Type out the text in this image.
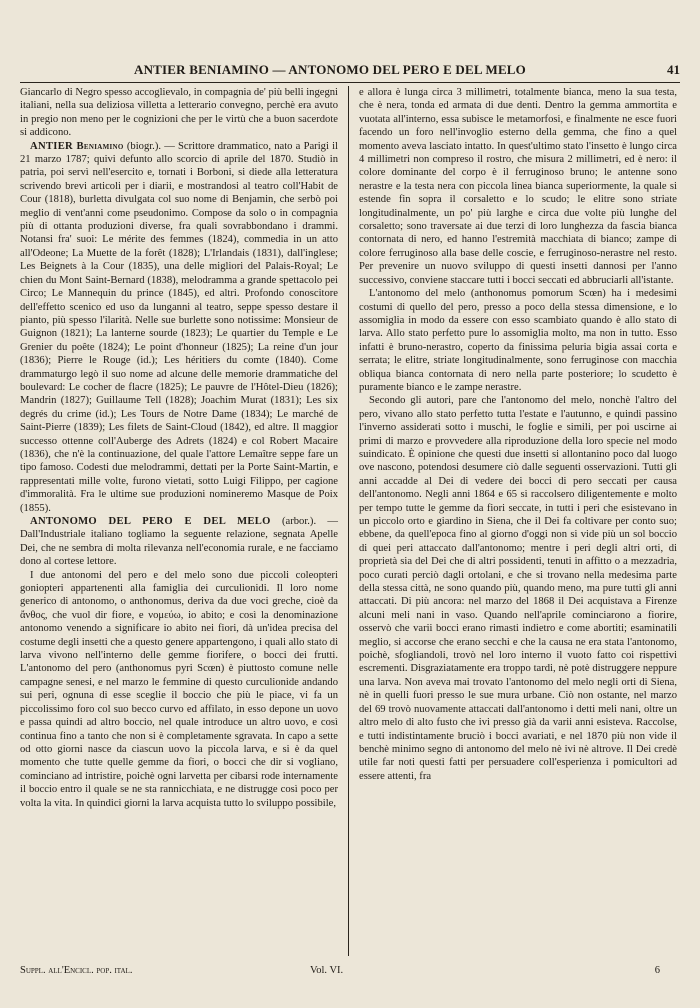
ANTIER BENIAMINO — ANTONOMO DEL PERO E DEL MELO	41

Giancarlo di Negro spesso accoglievalo, in compagnia de' più belli ingegni italiani, nella sua deliziosa villetta a letterario convegno, perchè era avuto in pregio non meno per le cognizioni che per le virtù che a buon sacerdote si addicono.

ANTIER Beniamino (biogr.). — Scrittore drammatico, nato a Parigi il 21 marzo 1787; quivi defunto allo scorcio di aprile del 1870. Studiò in patria, poi servì nell'esercito e, tornati i Borboni, si diede alla letteratura scrivendo brevi articoli per i diarii, e mostrandosi al teatro coll'Habit de Cour (1818), burletta divulgata col suo nome di Benjamin, che serbò poi meglio di vent'anni come pseudonimo. Compose da solo o in compagnia più di ottanta produzioni diverse, fra quali sovrabbondano i drammi. Notansi fra' suoi: Le mérite des femmes (1824), commedia in un atto all'Odeone; La Muette de la forêt (1828); L'Irlandais (1831), dall'inglese; Les Beignets à la Cour (1835), una delle migliori del Palais-Royal; Le chien du Mont Saint-Bernard (1838), melodramma a grande spettacolo pei Circo; Le Mannequin du prince (1845), ed altri. Profondo conoscitore dell'effetto scenico ed uso da lunganni al teatro, seppe spesso destare il pianto, più spesso l'ilarità. Nelle sue burlette sono notissime: Monsieur de Guignon (1821); La lanterne sourde (1823); Le quartier du Temple e Le Grenier du poête (1824); Le point d'honneur (1825); La reine d'un jour (1836); Pierre le Rouge (id.); Les héritiers du comte (1840). Come drammaturgo legò il suo nome ad alcune delle memorie drammatiche del boulevard: Le cocher de flacre (1825); Le pauvre de l'Hôtel-Dieu (1826); Mandrin (1827); Guillaume Tell (1828); Joachim Murat (1831); Les six degrés du crime (id.); Les Tours de Notre Dame (1834); Le marché de Saint-Pierre (1839); Les filets de Saint-Cloud (1842), ed altre. Il maggior successo ottenne coll'Auberge des Adrets (1824) e col Robert Macaire (1836), che n'è la continuazione, del quale l'attore Lemaître seppe fare un tipo famoso. Codesti due melodrammi, dettati per la Porte Saint-Martin, e rappresentati mille volte, furono vietati, sotto Luigi Filippo, per cagione d'immoralità. Fra le ultime sue produzioni nomineremo Masque de Poix (1855).

ANTONOMO DEL PERO E DEL MELO (arbor.). — Dall'Industriale italiano togliamo la seguente relazione, segnata Apelle Dei, che ne sembra di molta rilevanza nell'economia rurale, e ne facciamo dono al cortese lettore.

I due antonomi del pero e del melo sono due piccoli coleopteri goniopteri appartenenti alla famiglia dei curculionidi. Il loro nome generico di antonomo, o anthonomus, deriva da due voci greche, cioè da ἄνθος, che vuol dir fiore, e νομεύω, io abito; e così la denominazione antonomo venendo a significare io abito nei fiori, dà un'idea precisa del costume degli insetti che a questo genere appartengono, i quali allo stato di larva vivono nell'interno delle gemme fiorifere, o bocci dei frutti. L'antonomo del pero (anthonomus pyri Scœn) è piuttosto comune nelle campagne senesi, e nel marzo le femmine di questo curculionide andando sui peri, ognuna di esse sceglie il boccio che più le piace, vi fa un piccolissimo foro col suo becco curvo ed affilato, in esso depone un uovo e passa quindi ad altro boccio, nel quale introduce un altro uovo, e così continua fino a tanto che non si è completamente sgravata. In capo a sette od otto giorni nasce da ciascun uovo la piccola larva, e si è da quel momento che tutte quelle gemme da fiori, o bocci che dir si vogliano, cominciano ad intristire, poichè ogni larvetta per cibarsi rode internamente il boccio entro il quale se ne sta rannicchiata, e ne distrugge così poco per volta la vita. In quindici giorni la larva acquista tutto lo sviluppo possibile,

e allora è lunga circa 3 millimetri, totalmente bianca, meno la sua testa, che è nera, tonda ed armata di due denti. Dentro la gemma ammortita e vuotata all'interno, essa subisce le metamorfosi, e finalmente ne esce fuori facendo un foro nell'invoglio esterno della gemma, che fino a quel momento aveva lasciato intatto. In quest'ultimo stato l'insetto è lungo circa 4 millimetri non compreso il rostro, che misura 2 millimetri, ed è nero: il colore dominante del corpo è il ferruginoso bruno; le antenne sono nerastre e la testa nera con piccola linea bianca superiormente, la quale si estende fin sopra il corsaletto e lo scudo; le elitre sono striate longitudinalmente, un po' più larghe e circa due volte più lunghe del corsaletto; sono traversate ai due terzi di loro lunghezza da fascia bianca contornata di nero, ed hanno l'estremità macchiata di bianco; zampe di colore ferruginoso alla base delle coscie, e ferruginoso-nerastre nel resto. Per prevenire un nuovo sviluppo di questi insetti dannosi per l'anno successivo, conviene staccare tutti i bocci seccati ed abbruciarli all'istante.

L'antonomo del melo (anthonomus pomorum Scœn) ha i medesimi costumi di quello del pero, presso a poco della stessa dimensione, e lo assomiglia in modo da essere con esso scambiato quando è allo stato di larva. Allo stato perfetto pure lo assomiglia molto, ma non in tutto. Esso infatti è bruno-nerastro, coperto da finissima peluria bigia assai corta e serrata; le elitre, striate longitudinalmente, sono ferruginose con macchia obliqua bianca contornata di nero nella parte posteriore; lo scudetto è puramente bianco e le zampe nerastre.

Secondo gli autori, pare che l'antonomo del melo, nonchè l'altro del pero, vivano allo stato perfetto tutta l'estate e l'autunno, e quindi passino l'inverno assiderati sotto i muschi, le foglie e simili, per poi uscirne ai primi di marzo e provvedere alla riproduzione della loro specie nel modo suindicato. È opinione che questi due insetti si allontanino poco dal luogo ove nascono, potendosi desumere ciò dalle seguenti osservazioni. Tutti gli anni accadde al Dei di vedere dei bocci di pero seccati per causa dell'antonomo. Negli anni 1864 e 65 si raccolsero diligentemente e molto per tempo tutte le gemme da fiori seccate, in tutti i peri che esistevano in un piccolo orto e giardino in Siena, che il Dei fa coltivare per conto suo; ebbene, da quell'epoca fino al giorno d'oggi non si vide più un sol boccio di quei peri attaccato dall'antonomo; mentre i peri degli altri orti, di proprietà sia del Dei che di altri possidenti, tenuti in affitto o a mezzadria, poco curati perciò dagli ortolani, e che si trovano nella medesima parte della stessa città, ne sono quando più, quando meno, ma pure tutti gli anni attaccati. Di più ancora: nel marzo del 1868 il Dei acquistava a Firenze alcuni meli nani in vaso. Quando nell'aprile cominciarono a fiorire, osservò che varii bocci erano rimasti indietro e come abortiti; esaminatili meglio, si accorse che erano secchi e che la causa ne era stata l'antonomo, poichè, sfogliandoli, trovò nel loro interno il vuoto fatto coi rispettivi escrementi. Disgraziatamente era troppo tardi, nè potè distruggere neppure una larva. Non aveva mai trovato l'antonomo del melo negli orti di Siena, nè in quelli fuori presso le sue mura urbane. Ciò non ostante, nel marzo del 69 trovò nuovamente attaccati dall'antonomo i detti meli nani, oltre un altro melo di alto fusto che ivi presso già da varii anni esisteva. Raccolse, e tutti indistintamente bruciò i bocci avariati, e nel 1870 più non vide il benchè minimo segno di antonomo del melo nè ivi nè altrove. Il Dei credè utile far noti questi fatti per persuadere coll'esperienza i pomicultori ad essere attenti, fra

Suppl. all'Encicl. pop. ital.	Vol. VI.	6
